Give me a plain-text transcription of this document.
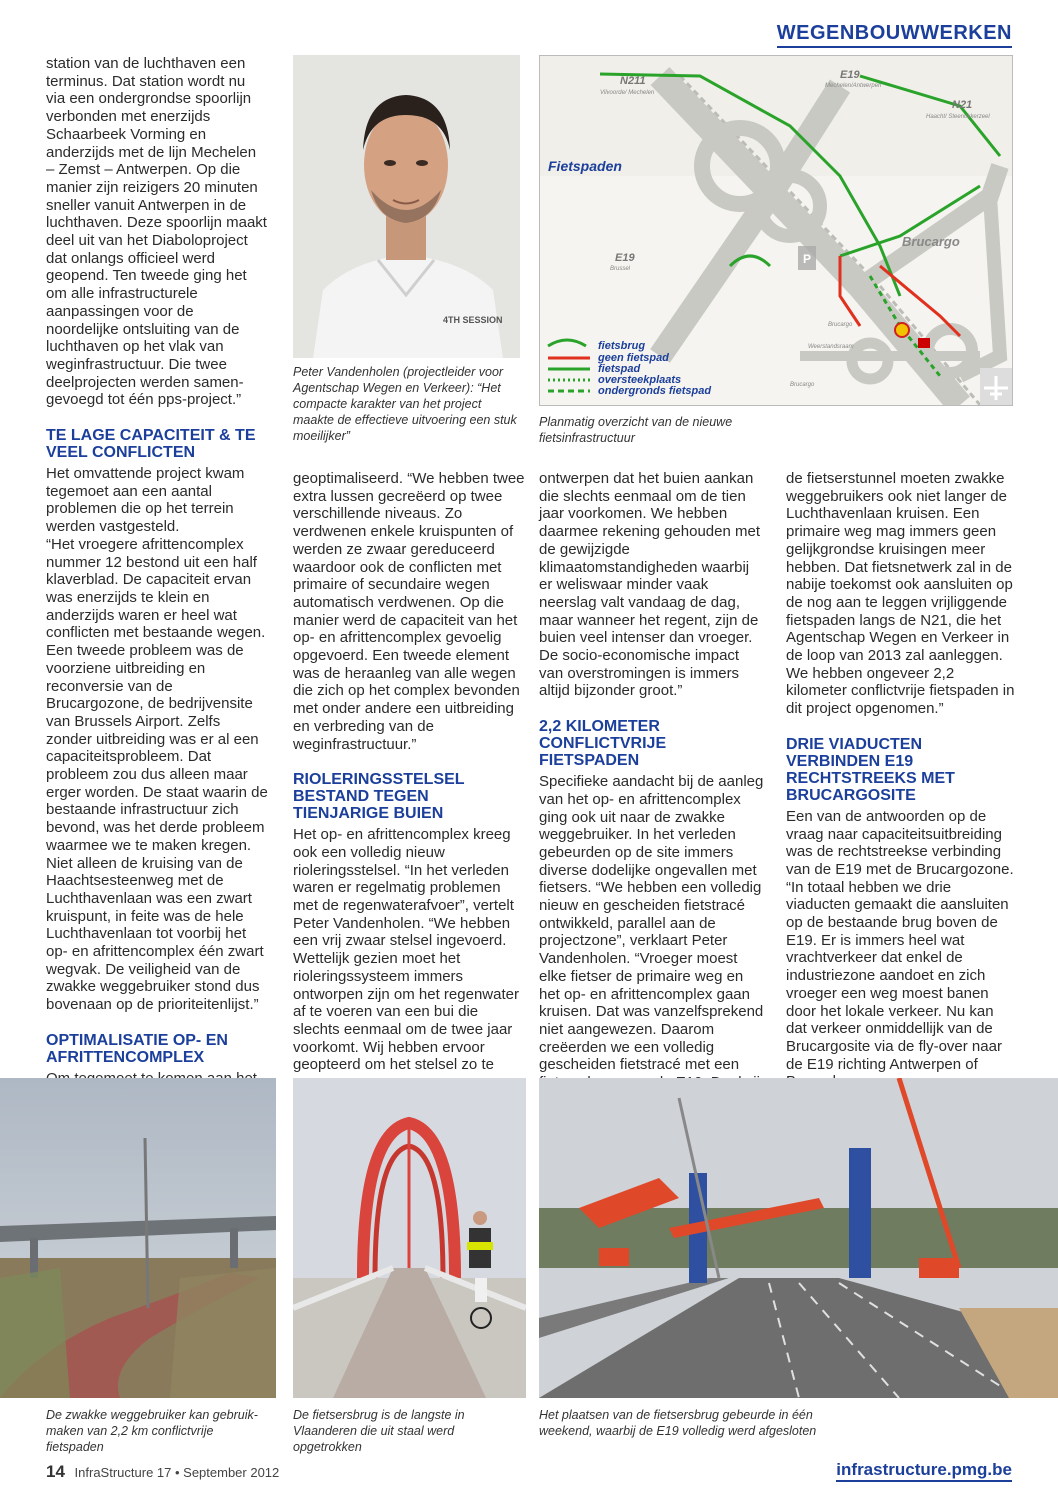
WEGENBOUWWERKEN

station van de luchthaven een terminus. Dat station wordt nu via een ondergrondse spoorlijn verbonden met enerzijds Schaarbeek Vorming en anderzijds met de lijn Mechelen – Zemst – Antwerpen. Op die manier zijn reizigers 20 minuten sneller vanuit Antwerpen in de luchthaven. Deze spoorlijn maakt deel uit van het Diaboloproject dat onlangs officieel werd geopend. Ten tweede ging het om alle infrastructurele aanpassingen voor de noordelijke ontsluiting van de luchthaven op het vlak van weginfrastructuur. Die twee deelprojecten werden samen-gevoegd tot één pps-project.”

TE LAGE CAPACITEIT & TE VEEL CONFLICTEN

Het omvattende project kwam tegemoet aan een aantal problemen die op het terrein werden vastgesteld.

“Het vroegere afrittencomplex nummer 12 bestond uit een half klaverblad. De capaciteit ervan was enerzijds te klein en anderzijds waren er heel wat conflicten met bestaande wegen. Een tweede probleem was de voorziene uitbreiding en reconversie van de Brucargozone, de bedrijvensite van Brussels Airport. Zelfs zonder uitbreiding was er al een capaciteitsprobleem. Dat probleem zou dus alleen maar erger worden. De staat waarin de bestaande infrastructuur zich bevond, was het derde probleem waarmee we te maken kregen. Niet alleen de kruising van de Haachtsesteenweg met de Luchthavenlaan was een zwart kruispunt, in feite was de hele Luchthavenlaan tot voorbij het op- en afrittencomplex één zwart wegvak. De veiligheid van de zwakke weggebruiker stond dus bovenaan op de prioriteitenlijst.”

OPTIMALISATIE OP- EN AFRITTENCOMPLEX

4TH SESSION
Peter Vandenholen (projectleider voor Agentschap Wegen en Verkeer): “Het compacte karakter van het project maakte de effectieve uitvoering een stuk moeilijker”
P
Fietspaden
N211
Vilvoorde/ Mechelen
E19
Mechelen/Antwerpen
N21
Haacht/ Steenokkerzeel
E19
Brussel
Brucargo
Brucargo
Weerstandsraam
Brucargo
fietsbrug
geen fietspad
fietspad
oversteekplaats
ondergronds fietspad
Planmatig overzicht van de nieuwe fietsinfrastructuur

geoptimaliseerd. “We hebben twee extra lussen gecreëerd op twee verschillende niveaus. Zo verdwenen enkele kruispunten of werden ze zwaar gereduceerd waardoor ook de conflicten met primaire of secundaire wegen automatisch verdwenen. Op die manier werd de capaciteit van het op- en afrittencomplex gevoelig opgevoerd. Een tweede element was de heraanleg van alle wegen die zich op het complex bevonden met onder andere een uitbreiding en verbreding van de weginfrastructuur.”

RIOLERINGSSTELSEL BESTAND TEGEN TIENJARIGE BUIEN

Het op- en afrittencomplex kreeg ook een volledig nieuw rioleringsstelsel. “In het verleden waren er regelmatig problemen met de regenwaterafvoer”, vertelt Peter Vandenholen. “We hebben een vrij zwaar stelsel ingevoerd. Wettelijk gezien moet het rioleringssysteem immers ontworpen zijn om het regenwater af te voeren van een bui die slechts eenmaal om de twee jaar voorkomt. Wij hebben ervoor geopteerd om het stelsel zo te

ontwerpen dat het buien aankan die slechts eenmaal om de tien jaar voorkomen. We hebben daarmee rekening gehouden met de gewijzigde klimaatomstandigheden waarbij er weliswaar minder vaak neerslag valt vandaag de dag, maar wanneer het regent, zijn de buien veel intenser dan vroeger. De socio-economische impact van overstromingen is immers altijd bijzonder groot.”

2,2 KILOMETER CONFLICTVRIJE FIETSPADEN

Specifieke aandacht bij de aanleg van het op- en afrittencomplex ging ook uit naar de zwakke weggebruiker. In het verleden gebeurden op de site immers diverse dodelijke ongevallen met fietsers. “We hebben een volledig nieuw en gescheiden fietstracé ontwikkeld, parallel aan de projectzone”, verklaart Peter Vandenholen. “Vroeger moest elke fietser de primaire weg en het op- en afrittencomplex gaan kruisen. Dat was vanzelfsprekend niet aangewezen. Daarom creëerden we een volledig gescheiden fietstracé met een

de fietserstunnel moeten zwakke weggebruikers ook niet langer de Luchthavenlaan kruisen. Een primaire weg mag immers geen gelijkgrondse kruisingen meer hebben. Dat fietsnetwerk zal in de nabije toekomst ook aansluiten op de nog aan te leggen vrijliggende fietspaden langs de N21, die het Agentschap Wegen en Verkeer in de loop van 2013 zal aanleggen. We hebben ongeveer 2,2 kilometer conflictvrije fietspaden in dit project opgenomen.”

DRIE VIADUCTEN VERBINDEN E19 RECHTSTREEKS MET BRUCARGOSITE

Een van de antwoorden op de vraag naar capaciteitsuitbreiding was de rechtstreekse verbinding van de E19 met de Brucargozone.

“In totaal hebben we drie viaducten gemaakt die aansluiten op de bestaande brug boven de E19. Er is immers heel wat vrachtverkeer dat enkel de industriezone aandoet en zich vroeger een weg moest banen door het lokale verkeer. Nu kan dat verkeer onmiddellijk van de Brucargosite via de fly-over naar de E19 richting Antwerpen of

De zwakke weggebruiker kan gebruik-maken van 2,2 km conflictvrije fietspaden
De fietsersbrug is de langste in Vlaanderen die uit staal werd opgetrokken
Het plaatsen van de fietsersbrug gebeurde in één weekend, waarbij de E19 volledig werd afgesloten
14 InfraStructure 17 • September 2012	infrastructure.pmg.be
